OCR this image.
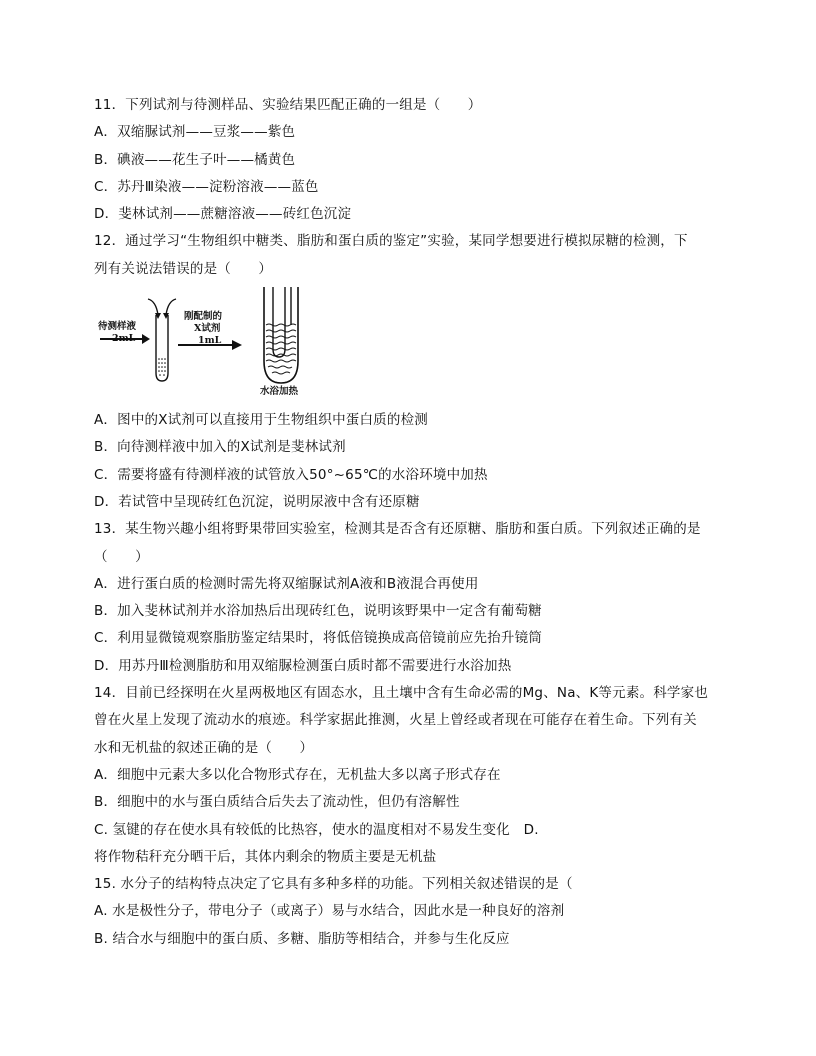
11．下列试剂与待测样品、实验结果匹配正确的一组是（　　）
A．双缩脲试剂——豆浆——紫色
B．碘液——花生子叶——橘黄色
C．苏丹Ⅲ染液——淀粉溶液——蓝色
D．斐林试剂——蔗糖溶液——砖红色沉淀
12．通过学习“生物组织中糖类、脂肪和蛋白质的鉴定”实验，某同学想要进行模拟尿糖的检测，下
列有关说法错误的是（　　）
待测样液
2mL
刚配制的
X试剂
1mL
水浴加热
A．图中的X试剂可以直接用于生物组织中蛋白质的检测
B．向待测样液中加入的X试剂是斐林试剂
C．需要将盛有待测样液的试管放入50°~65℃的水浴环境中加热
D．若试管中呈现砖红色沉淀，说明尿液中含有还原糖
13．某生物兴趣小组将野果带回实验室，检测其是否含有还原糖、脂肪和蛋白质。下列叙述正确的是
（　　）
A．进行蛋白质的检测时需先将双缩脲试剂A液和B液混合再使用
B．加入斐林试剂并水浴加热后出现砖红色，说明该野果中一定含有葡萄糖
C．利用显微镜观察脂肪鉴定结果时，将低倍镜换成高倍镜前应先抬升镜筒
D．用苏丹Ⅲ检测脂肪和用双缩脲检测蛋白质时都不需要进行水浴加热
14．目前已经探明在火星两极地区有固态水，且土壤中含有生命必需的Mg、Na、K等元素。科学家也
曾在火星上发现了流动水的痕迹。科学家据此推测，火星上曾经或者现在可能存在着生命。下列有关
水和无机盐的叙述正确的是（　　）
A．细胞中元素大多以化合物形式存在，无机盐大多以离子形式存在
B．细胞中的水与蛋白质结合后失去了流动性，但仍有溶解性
C. 氢键的存在使水具有较低的比热容，使水的温度相对不易发生变化　D.
将作物秸秆充分晒干后，其体内剩余的物质主要是无机盐
15. 水分子的结构特点决定了它具有多种多样的功能。下列相关叙述错误的是（
A. 水是极性分子，带电分子（或离子）易与水结合，因此水是一种良好的溶剂
B. 结合水与细胞中的蛋白质、多糖、脂肪等相结合，并参与生化反应
